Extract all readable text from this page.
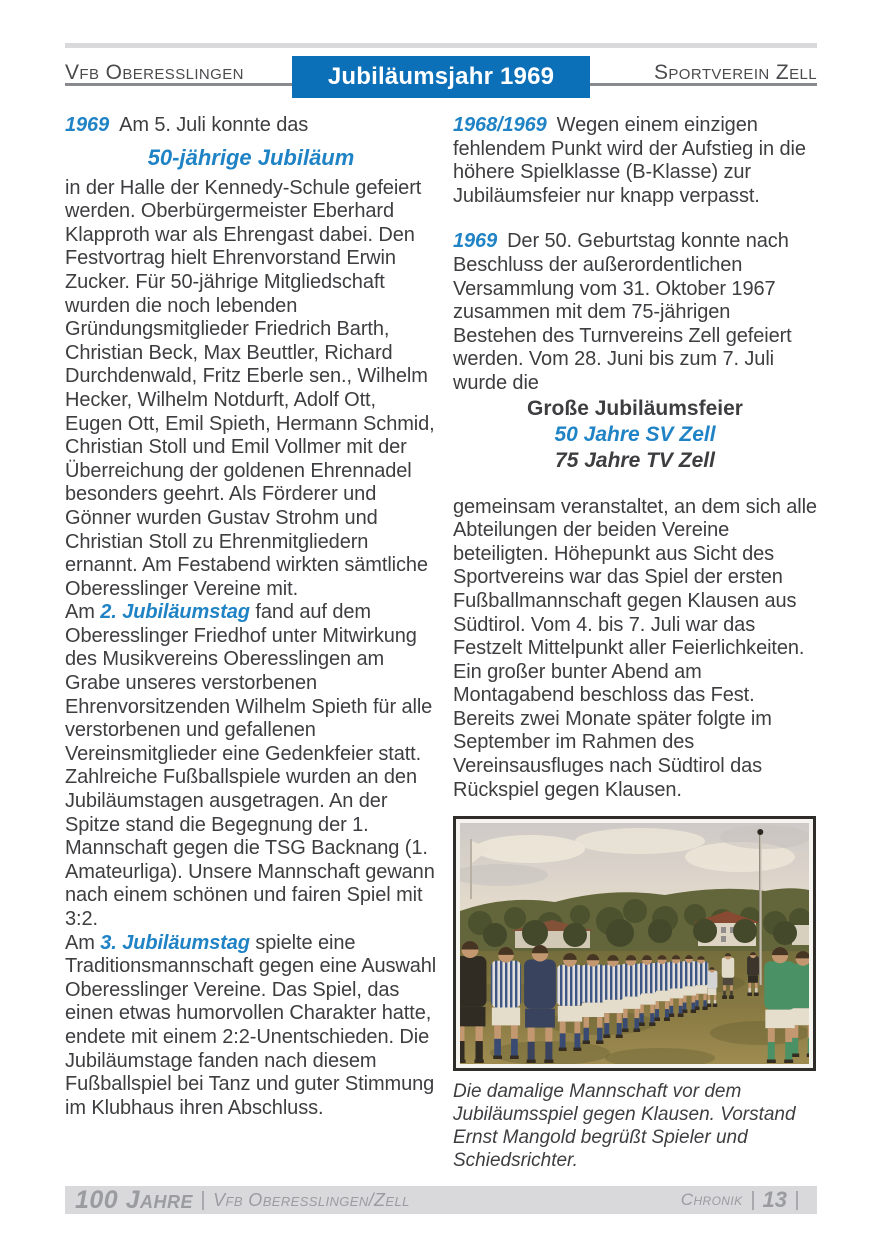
Vfb Oberesslingen	Jubiläumsjahr 1969	Sportverein Zell

1969 Am 5. Juli konnte das

50-jährige Jubiläum

in der Halle der Kennedy-Schule gefeiert werden. Oberbürgermeister Eberhard Klapproth war als Ehrengast dabei. Den Festvortrag hielt Ehrenvorstand Erwin Zucker. Für 50-jährige Mitgliedschaft wurden die noch lebenden Gründungsmitglieder Friedrich Barth, Christian Beck, Max Beuttler, Richard Durchdenwald, Fritz Eberle sen., Wilhelm Hecker, Wilhelm Notdurft, Adolf Ott, Eugen Ott, Emil Spieth, Hermann Schmid, Christian Stoll und Emil Vollmer mit der Überreichung der goldenen Ehrennadel besonders geehrt. Als Förderer und Gönner wurden Gustav Strohm und Christian Stoll zu Ehrenmitgliedern ernannt. Am Festabend wirkten sämtliche Oberesslinger Vereine mit.

Am 2. Jubiläumstag fand auf dem Oberesslinger Friedhof unter Mitwirkung des Musikvereins Oberesslingen am Grabe unseres verstorbenen Ehrenvorsitzenden Wilhelm Spieth für alle verstorbenen und gefallenen Vereinsmitglieder eine Gedenkfeier statt. Zahlreiche Fußballspiele wurden an den Jubiläumstagen ausgetragen. An der Spitze stand die Begegnung der 1. Mannschaft gegen die TSG Backnang (1. Amateurliga). Unsere Mannschaft gewann nach einem schönen und fairen Spiel mit 3:2.

Am 3. Jubiläumstag spielte eine Traditionsmannschaft gegen eine Auswahl Oberesslinger Vereine. Das Spiel, das einen etwas humorvollen Charakter hatte, endete mit einem 2:2-Unentschieden. Die Jubiläumstage fanden nach diesem Fußballspiel bei Tanz und guter Stimmung im Klubhaus ihren Abschluss.

1968/1969 Wegen einem einzigen fehlendem Punkt wird der Aufstieg in die höhere Spielklasse (B-Klasse) zur Jubiläumsfeier nur knapp verpasst.

1969 Der 50. Geburtstag konnte nach Beschluss der außerordentlichen Versammlung vom 31. Oktober 1967 zusammen mit dem 75-jährigen Bestehen des Turnvereins Zell gefeiert werden. Vom 28. Juni bis zum 7. Juli wurde die

Große Jubiläumsfeier

50 Jahre SV Zell

75 Jahre TV Zell

gemeinsam veranstaltet, an dem sich alle Abteilungen der beiden Vereine beteiligten. Höhepunkt aus Sicht des Sportvereins war das Spiel der ersten Fußballmannschaft gegen Klausen aus Südtirol. Vom 4. bis 7. Juli war das Festzelt Mittelpunkt aller Feierlichkeiten. Ein großer bunter Abend am Montagabend beschloss das Fest.

Bereits zwei Monate später folgte im September im Rahmen des Vereinsausfluges nach Südtirol das Rückspiel gegen Klausen.

Die damalige Mannschaft vor dem Jubiläumsspiel gegen Klausen. Vorstand Ernst Mangold begrüßt Spieler und Schiedsrichter.
100 Jahre Vfb Oberesslingen/Zell	Chronik 13
